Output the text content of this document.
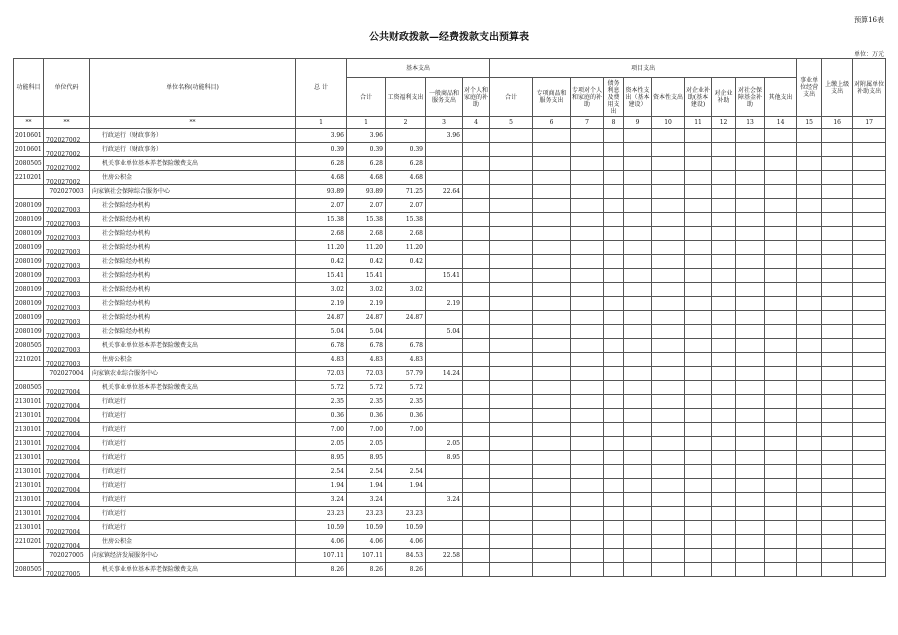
预算16表
公共财政拨款—经费拨款支出预算表
单位：万元
功能科目	单位代码	单位名称(功能科目)	总 计	基本支出				项目支出										事业单位经营支出	上缴上级支出	对附属单位补助支出
				合计	工资福利支出	一般商品和服务支出	对个人和家庭的补助	合计	专项商品和服务支出	专项对个人和家庭的补助	债务利息及费用支出	资本性支出（基本建设）	资本性支出	对企业补助(基本建设)	对企业补助	对社会保障基金补助	其他支出			
**	**	**	1	1	2	3	4	5	6	7	8	9	10	11	12	13	14	15	16	17
2010601	702027002	行政运行（财政事务）	3.96	3.96		3.96														
2010601	702027002	行政运行（财政事务）	0.39	0.39	0.39															
2080505	702027002	机关事业单位基本养老保险缴费支出	6.28	6.28	6.28															
2210201	702027002	住房公积金	4.68	4.68	4.68															
	702027003	向家镇社会保障综合服务中心	93.89	93.89	71.25	22.64														
2080109	702027003	社会保险经办机构	2.07	2.07	2.07															
2080109	702027003	社会保险经办机构	15.38	15.38	15.38															
2080109	702027003	社会保险经办机构	2.68	2.68	2.68															
2080109	702027003	社会保险经办机构	11.20	11.20	11.20															
2080109	702027003	社会保险经办机构	0.42	0.42	0.42															
2080109	702027003	社会保险经办机构	15.41	15.41		15.41														
2080109	702027003	社会保险经办机构	3.02	3.02	3.02															
2080109	702027003	社会保险经办机构	2.19	2.19		2.19														
2080109	702027003	社会保险经办机构	24.87	24.87	24.87															
2080109	702027003	社会保险经办机构	5.04	5.04		5.04														
2080505	702027003	机关事业单位基本养老保险缴费支出	6.78	6.78	6.78															
2210201	702027003	住房公积金	4.83	4.83	4.83															
	702027004	向家镇农业综合服务中心	72.03	72.03	57.79	14.24														
2080505	702027004	机关事业单位基本养老保险缴费支出	5.72	5.72	5.72															
2130101	702027004	行政运行	2.35	2.35	2.35															
2130101	702027004	行政运行	0.36	0.36	0.36															
2130101	702027004	行政运行	7.00	7.00	7.00															
2130101	702027004	行政运行	2.05	2.05		2.05														
2130101	702027004	行政运行	8.95	8.95		8.95														
2130101	702027004	行政运行	2.54	2.54	2.54															
2130101	702027004	行政运行	1.94	1.94	1.94															
2130101	702027004	行政运行	3.24	3.24		3.24														
2130101	702027004	行政运行	23.23	23.23	23.23															
2130101	702027004	行政运行	10.59	10.59	10.59															
2210201	702027004	住房公积金	4.06	4.06	4.06															
	702027005	向家镇经济发展服务中心	107.11	107.11	84.53	22.58														
2080505	702027005	机关事业单位基本养老保险缴费支出	8.26	8.26	8.26															
